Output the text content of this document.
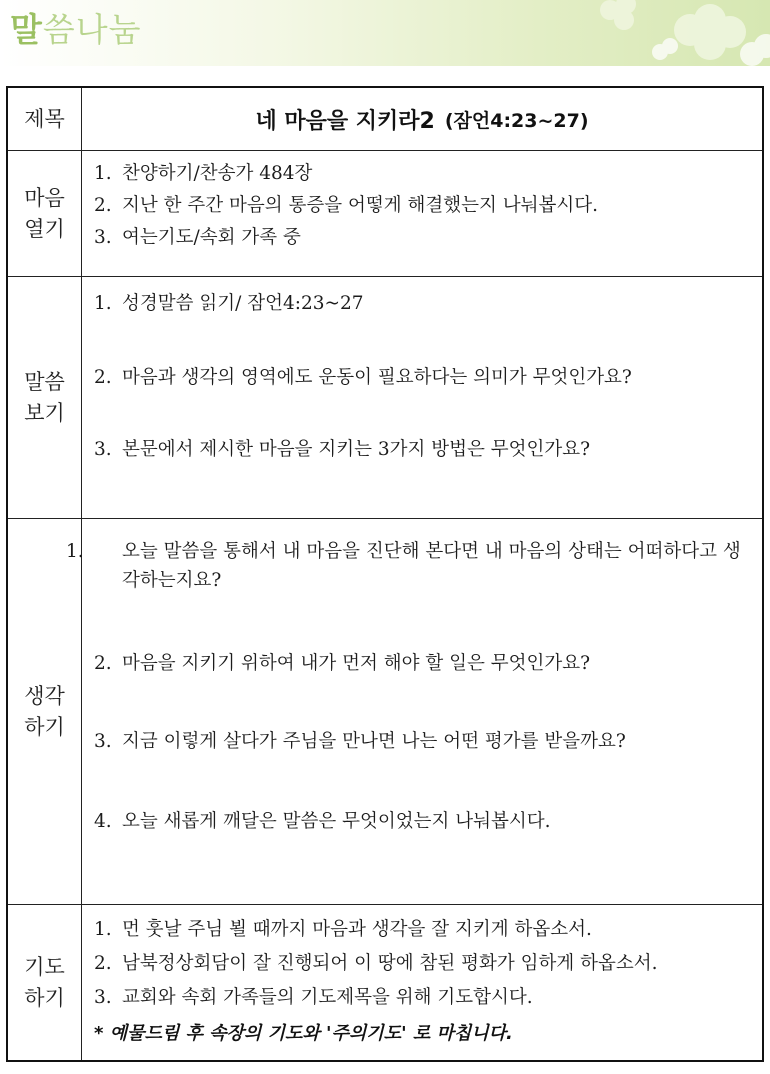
말씀나눔
제목	네 마음을 지키라2 (잠언4:23~27)
마음
열기
1. 찬양하기/찬송가 484장
2. 지난 한 주간 마음의 통증을 어떻게 해결했는지 나눠봅시다.
3. 여는기도/속회 가족 중
말씀
보기
1. 성경말씀 읽기/ 잠언4:23~27
2. 마음과 생각의 영역에도 운동이 필요하다는 의미가 무엇인가요?
3. 본문에서 제시한 마음을 지키는 3가지 방법은 무엇인가요?
생각
하기
1. 오늘 말씀을 통해서 내 마음을 진단해 본다면 내 마음의 상태는 어떠하다고 생각하는지요?
2. 마음을 지키기 위하여 내가 먼저 해야 할 일은 무엇인가요?
3. 지금 이렇게 살다가 주님을 만나면 나는 어떤 평가를 받을까요?
4. 오늘 새롭게 깨달은 말씀은 무엇이었는지 나눠봅시다.
기도
하기
1. 먼 훗날 주님 뵐 때까지 마음과 생각을 잘 지키게 하옵소서.
2. 남북정상회담이 잘 진행되어 이 땅에 참된 평화가 임하게 하옵소서.
3. 교회와 속회 가족들의 기도제목을 위해 기도합시다.
* 예물드림 후 속장의 기도와 '주의기도' 로 마칩니다.
